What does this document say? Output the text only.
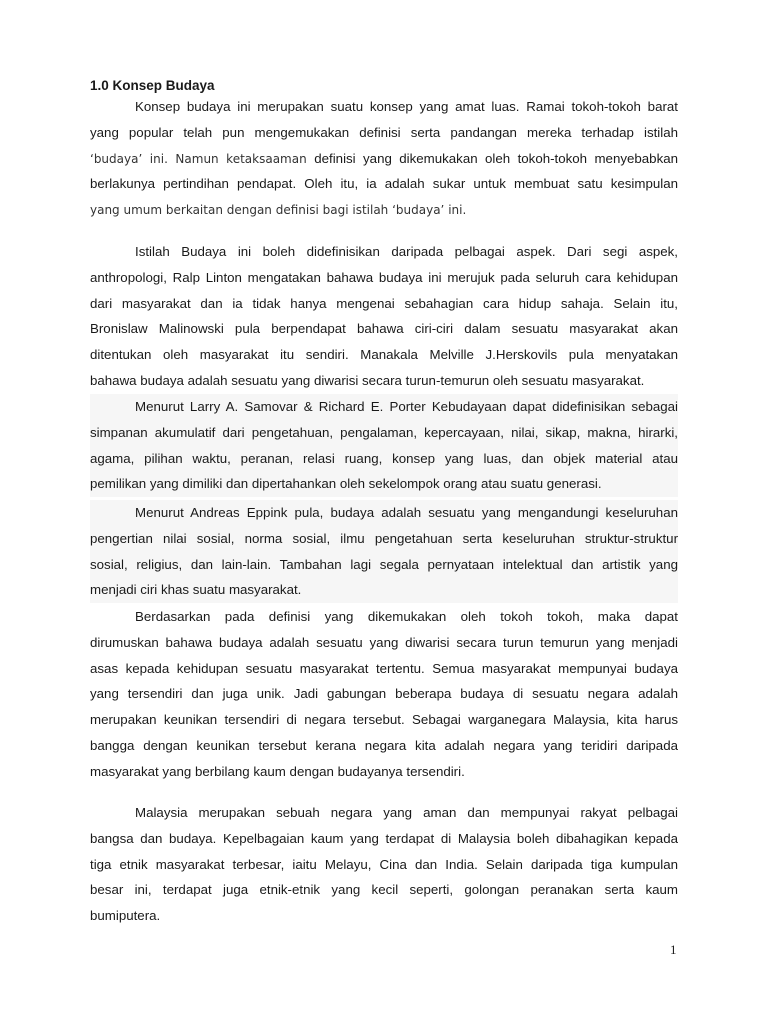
1.0 Konsep Budaya
Konsep budaya ini merupakan suatu konsep yang amat luas. Ramai tokoh-tokoh barat
yang popular telah pun mengemukakan definisi serta pandangan mereka terhadap istilah
‘budaya’ ini. Namun ketaksaaman definisi yang dikemukakan oleh tokoh-tokoh menyebabkan
berlakunya pertindihan pendapat. Oleh itu, ia adalah sukar untuk membuat satu kesimpulan
yang umum berkaitan dengan definisi bagi istilah ‘budaya’ ini.
Istilah Budaya ini boleh didefinisikan daripada pelbagai aspek. Dari segi aspek,
anthropologi, Ralp Linton mengatakan bahawa budaya ini merujuk pada seluruh cara kehidupan
dari masyarakat dan ia tidak hanya mengenai sebahagian cara hidup sahaja. Selain itu,
Bronislaw Malinowski pula berpendapat bahawa ciri-ciri dalam sesuatu masyarakat akan
ditentukan oleh masyarakat itu sendiri. Manakala Melville J.Herskovils pula menyatakan
bahawa budaya adalah sesuatu yang diwarisi secara turun-temurun oleh sesuatu masyarakat.
Menurut Larry A. Samovar & Richard E. Porter Kebudayaan dapat didefinisikan sebagai
simpanan akumulatif dari pengetahuan, pengalaman, kepercayaan, nilai, sikap, makna, hirarki,
agama, pilihan waktu, peranan, relasi ruang, konsep yang luas, dan objek material atau
pemilikan yang dimiliki dan dipertahankan oleh sekelompok orang atau suatu generasi.
Menurut Andreas Eppink pula, budaya adalah sesuatu yang mengandungi keseluruhan
pengertian nilai sosial, norma sosial, ilmu pengetahuan serta keseluruhan struktur-struktur
sosial, religius, dan lain-lain. Tambahan lagi segala pernyataan intelektual dan artistik yang
menjadi ciri khas suatu masyarakat.
Berdasarkan pada definisi yang dikemukakan oleh tokoh tokoh, maka dapat
dirumuskan bahawa budaya adalah sesuatu yang diwarisi secara turun temurun yang menjadi
asas kepada kehidupan sesuatu masyarakat tertentu. Semua masyarakat mempunyai budaya
yang tersendiri dan juga unik. Jadi gabungan beberapa budaya di sesuatu negara adalah
merupakan keunikan tersendiri di negara tersebut. Sebagai warganegara Malaysia, kita harus
bangga dengan keunikan tersebut kerana negara kita adalah negara yang teridiri daripada
masyarakat yang berbilang kaum dengan budayanya tersendiri.
Malaysia merupakan sebuah negara yang aman dan mempunyai rakyat pelbagai
bangsa dan budaya. Kepelbagaian kaum yang terdapat di Malaysia boleh dibahagikan kepada
tiga etnik masyarakat terbesar, iaitu Melayu, Cina dan India. Selain daripada tiga kumpulan
besar ini, terdapat juga etnik-etnik yang kecil seperti, golongan peranakan serta kaum
bumiputera.
1
